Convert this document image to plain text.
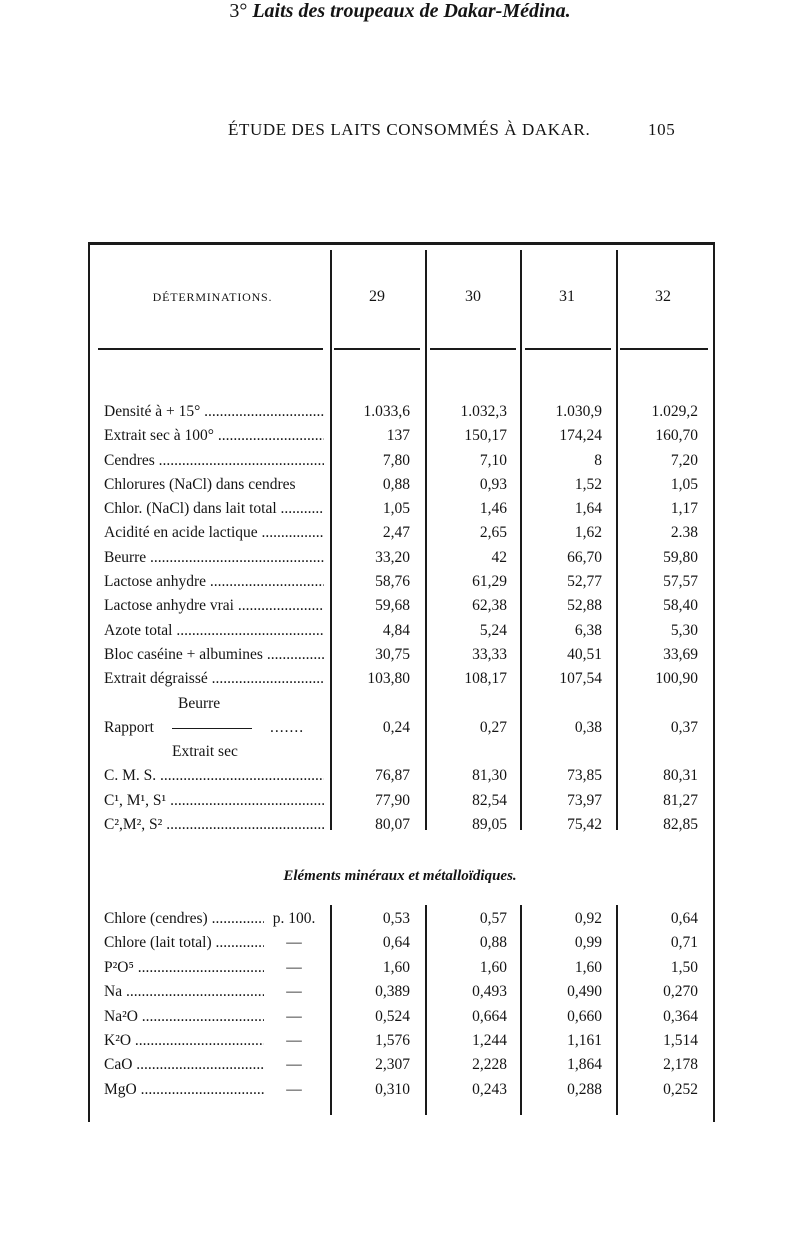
ÉTUDE DES LAITS CONSOMMÉS À DAKAR.	105
3° Laits des troupeaux de Dakar-Médina.
DÉTERMINATIONS.	29	30	31	32
Densité à + 15° .....	1.033,6	1.032,3	1.030,9	1.029,2
Extrait sec à 100° .....	137	150,17	174,24	160,70
Cendres .....	7,80	7,10	8	7,20
Chlorures (NaCl) dans cendres	0,88	0,93	1,52	1,05
Chlor. (NaCl) dans lait total .....	1,05	1,46	1,64	1,17
Acidité en acide lactique .....	2,47	2,65	1,62	2.38
Beurre .....	33,20	42	66,70	59,80
Lactose anhydre .....	58,76	61,29	52,77	57,57
Lactose anhydre vrai .....	59,68	62,38	52,88	58,40
Azote total .....	4,84	5,24	6,38	5,30
Bloc caséine + albumines .....	30,75	33,33	40,51	33,69
Extrait dégraissé .....	103,80	108,17	107,54	100,90
Beurre
Rapport	.......	0,24	0,27	0,38	0,37
Extrait sec
C. M. S. .....	76,87	81,30	73,85	80,31
C¹, M¹, S¹ .....	77,90	82,54	73,97	81,27
C²,M², S² .....	80,07	89,05	75,42	82,85
Eléments minéraux et métalloïdiques.
Chlore (cendres) .....	p. 100.	0,53	0,57	0,92	0,64
Chlore (lait total) .....	—	0,64	0,88	0,99	0,71
P²O⁵ .....	—	1,60	1,60	1,60	1,50
Na .....	—	0,389	0,493	0,490	0,270
Na²O .....	—	0,524	0,664	0,660	0,364
K²O .....	—	1,576	1,244	1,161	1,514
CaO .....	—	2,307	2,228	1,864	2,178
MgO .....	—	0,310	0,243	0,288	0,252
